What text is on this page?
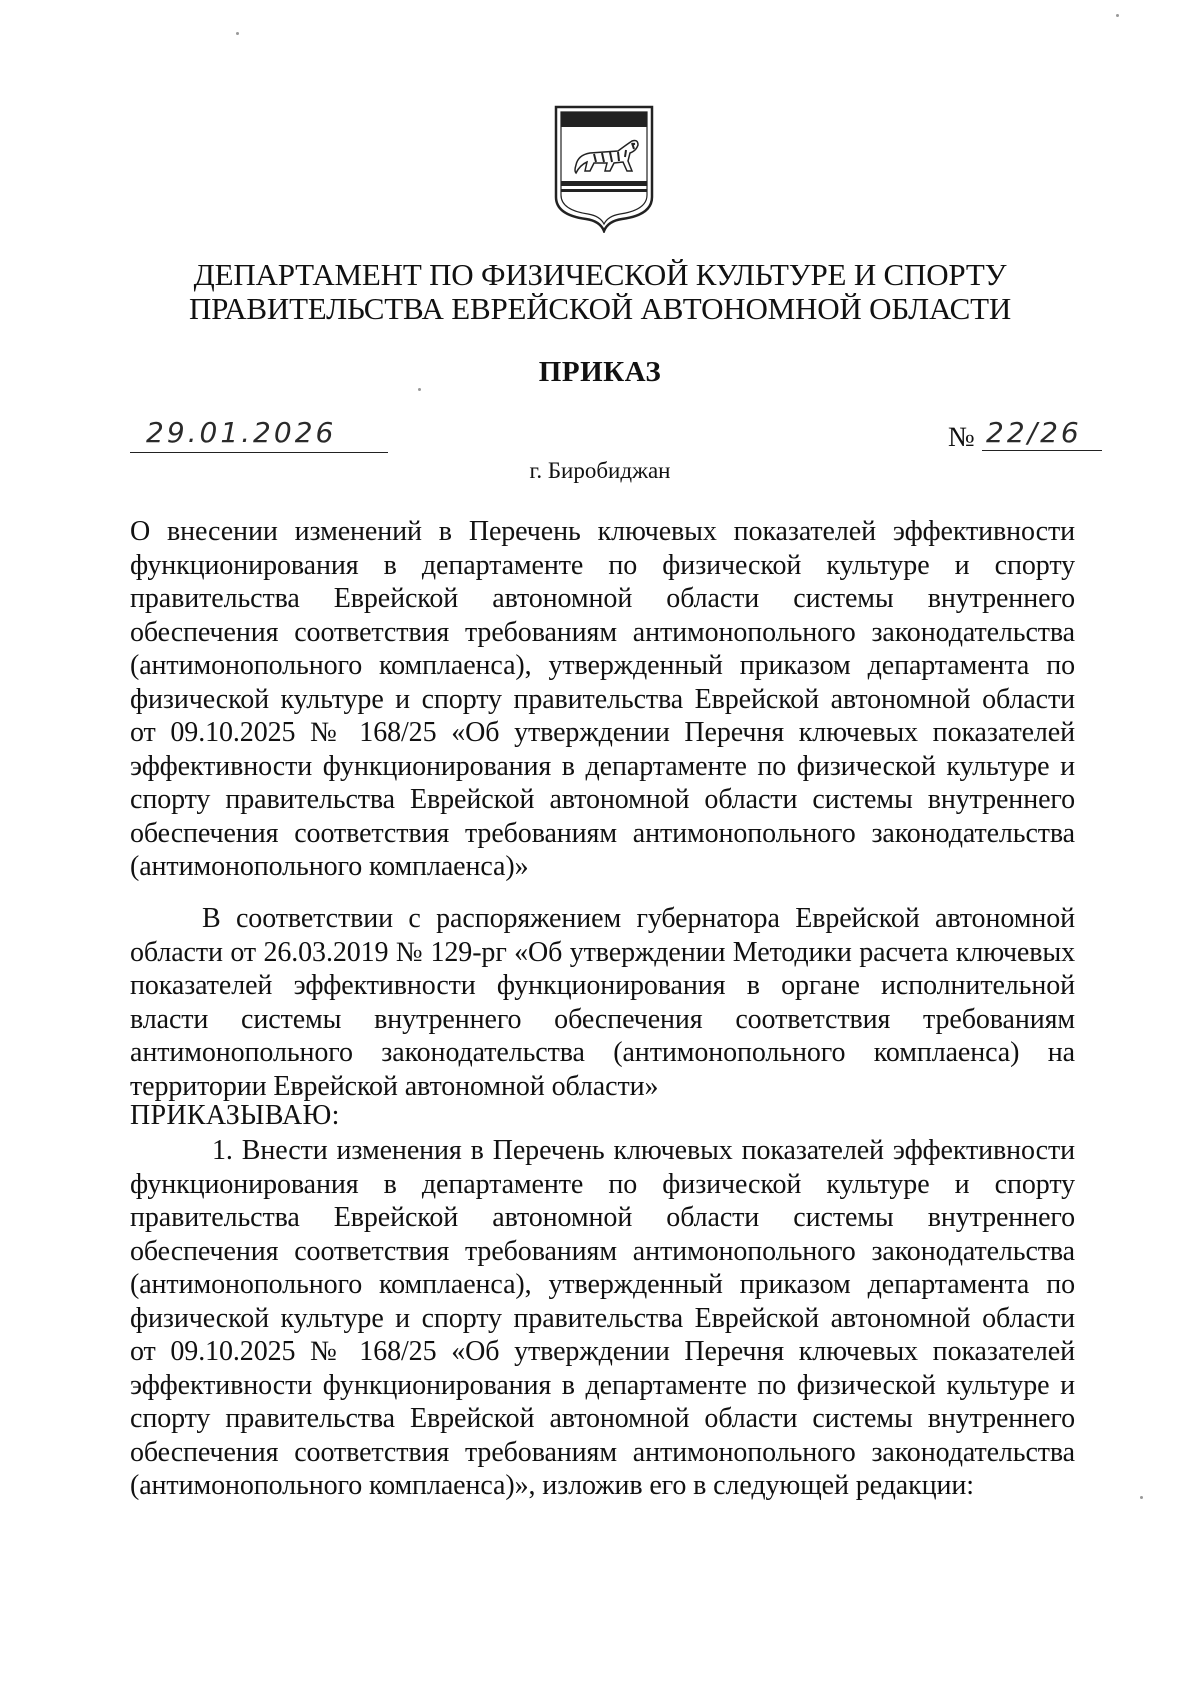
ДЕПАРТАМЕНТ ПО ФИЗИЧЕСКОЙ КУЛЬТУРЕ И СПОРТУ
ПРАВИТЕЛЬСТВА ЕВРЕЙСКОЙ АВТОНОМНОЙ ОБЛАСТИ
ПРИКАЗ
29.01.2026	№ 22/26
г. Биробиджан
О внесении изменений в Перечень ключевых показателей эффективности функционирования в департаменте по физической культуре и спорту правительства Еврейской автономной области системы внутреннего обеспечения соответствия требованиям антимонопольного законодательства (антимонопольного комплаенса), утвержденный приказом департамента по физической культуре и спорту правительства Еврейской автономной области от 09.10.2025 № 168/25 «Об утверждении Перечня ключевых показателей эффективности функционирования в департаменте по физической культуре и спорту правительства Еврейской автономной области системы внутреннего обеспечения соответствия требованиям антимонопольного законодательства (антимонопольного комплаенса)»
В соответствии с распоряжением губернатора Еврейской автономной области от 26.03.2019 № 129-рг «Об утверждении Методики расчета ключевых показателей эффективности функционирования в органе исполнительной власти системы внутреннего обеспечения соответствия требованиям антимонопольного законодательства (антимонопольного комплаенса) на территории Еврейской автономной области»
ПРИКАЗЫВАЮ:
1. Внести изменения в Перечень ключевых показателей эффективности функционирования в департаменте по физической культуре и спорту правительства Еврейской автономной области системы внутреннего обеспечения соответствия требованиям антимонопольного законодательства (антимонопольного комплаенса), утвержденный приказом департамента по физической культуре и спорту правительства Еврейской автономной области от 09.10.2025 № 168/25 «Об утверждении Перечня ключевых показателей эффективности функционирования в департаменте по физической культуре и спорту правительства Еврейской автономной области системы внутреннего обеспечения соответствия требованиям антимонопольного законодательства (антимонопольного комплаенса)», изложив его в следующей редакции:
